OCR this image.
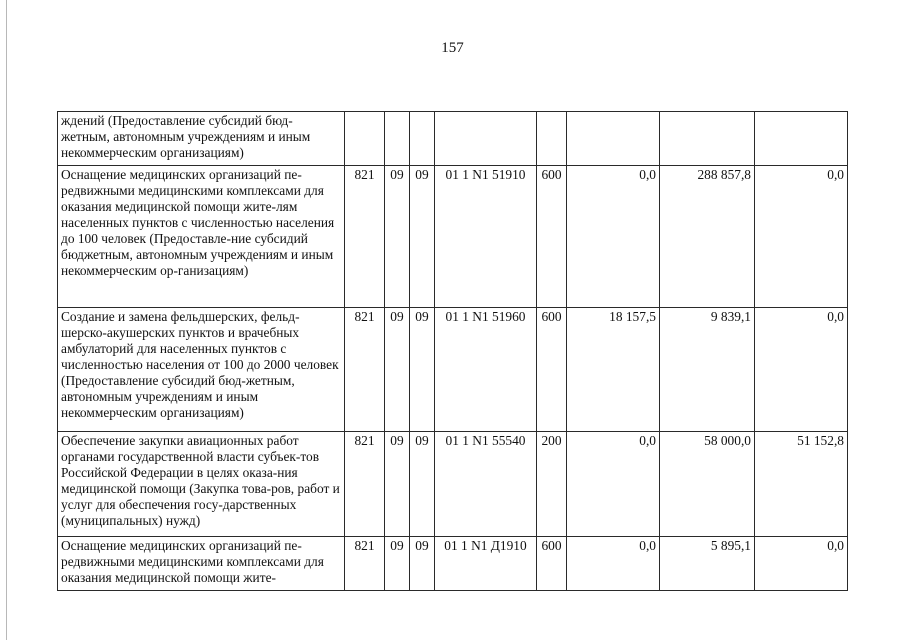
157
ждений (Предоставление субсидий бюд-жетным, автономным учреждениям и иным некоммерческим организациям)								
Оснащение медицинских организаций пе-редвижными медицинскими комплексами для оказания медицинской помощи жите-лям населенных пунктов с численностью населения до 100 человек (Предоставле-ние субсидий бюджетным, автономным учреждениям и иным некоммерческим ор-ганизациям)	821	09	09	01 1 N1 51910	600	0,0	288 857,8	0,0
Создание и замена фельдшерских, фельд-шерско-акушерских пунктов и врачебных амбулаторий для населенных пунктов с численностью населения от 100 до 2000 человек (Предоставление субсидий бюд-жетным, автономным учреждениям и иным некоммерческим организациям)	821	09	09	01 1 N1 51960	600	18 157,5	9 839,1	0,0
Обеспечение закупки авиационных работ органами государственной власти субъек-тов Российской Федерации в целях оказа-ния медицинской помощи (Закупка това-ров, работ и услуг для обеспечения госу-дарственных (муниципальных) нужд)	821	09	09	01 1 N1 55540	200	0,0	58 000,0	51 152,8
Оснащение медицинских организаций пе-редвижными медицинскими комплексами для оказания медицинской помощи жите-	821	09	09	01 1 N1 Д1910	600	0,0	5 895,1	0,0
